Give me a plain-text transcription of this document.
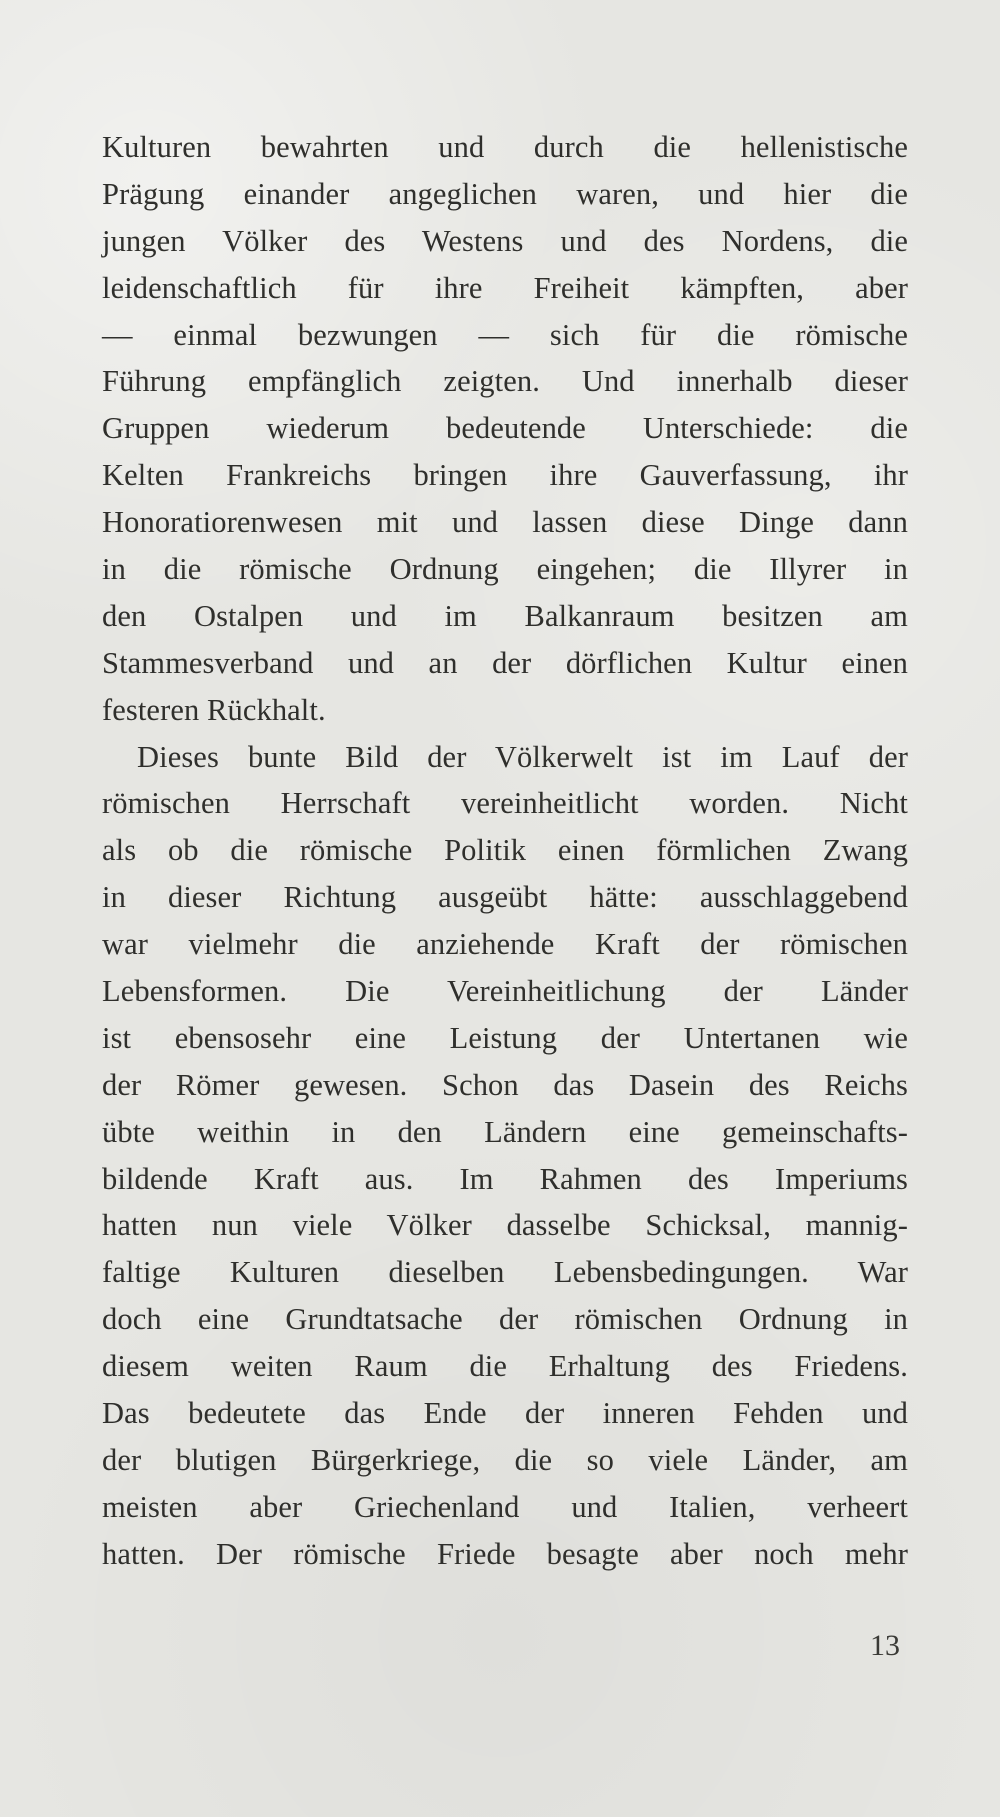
Kulturen bewahrten und durch die hellenistische
Prägung einander angeglichen waren, und hier die
jungen Völker des Westens und des Nordens, die
leidenschaftlich für ihre Freiheit kämpften, aber
— einmal bezwungen — sich für die römische
Führung empfänglich zeigten. Und innerhalb dieser
Gruppen wiederum bedeutende Unterschiede: die
Kelten Frankreichs bringen ihre Gauverfassung, ihr
Honoratiorenwesen mit und lassen diese Dinge dann
in die römische Ordnung eingehen; die Illyrer in
den Ostalpen und im Balkanraum besitzen am
Stammesverband und an der dörflichen Kultur einen
festeren Rückhalt.
Dieses bunte Bild der Völkerwelt ist im Lauf der
römischen Herrschaft vereinheitlicht worden. Nicht
als ob die römische Politik einen förmlichen Zwang
in dieser Richtung ausgeübt hätte: ausschlaggebend
war vielmehr die anziehende Kraft der römischen
Lebensformen. Die Vereinheitlichung der Länder
ist ebensosehr eine Leistung der Untertanen wie
der Römer gewesen. Schon das Dasein des Reichs
übte weithin in den Ländern eine gemeinschafts-
bildende Kraft aus. Im Rahmen des Imperiums
hatten nun viele Völker dasselbe Schicksal, mannig-
faltige Kulturen dieselben Lebensbedingungen. War
doch eine Grundtatsache der römischen Ordnung in
diesem weiten Raum die Erhaltung des Friedens.
Das bedeutete das Ende der inneren Fehden und
der blutigen Bürgerkriege, die so viele Länder, am
meisten aber Griechenland und Italien, verheert
hatten. Der römische Friede besagte aber noch mehr
13
